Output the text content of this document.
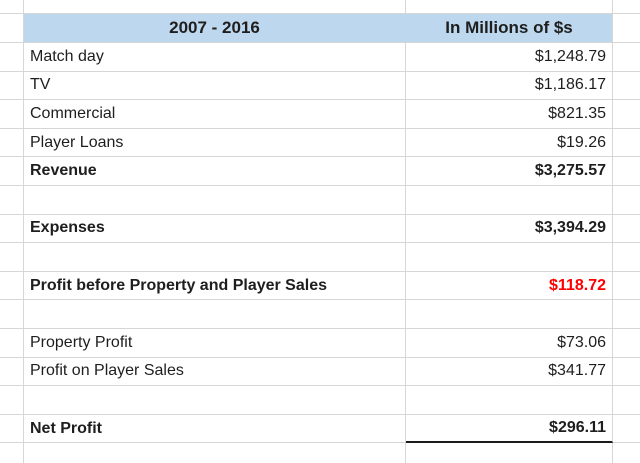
2007 - 2016	In Millions of $s
Match day	$1,248.79
TV	$1,186.17
Commercial	$821.35
Player Loans	$19.26
Revenue	$3,275.57
Expenses	$3,394.29
Profit before Property and Player Sales	$118.72
Property Profit	$73.06
Profit on Player Sales	$341.77
Net Profit	$296.11
